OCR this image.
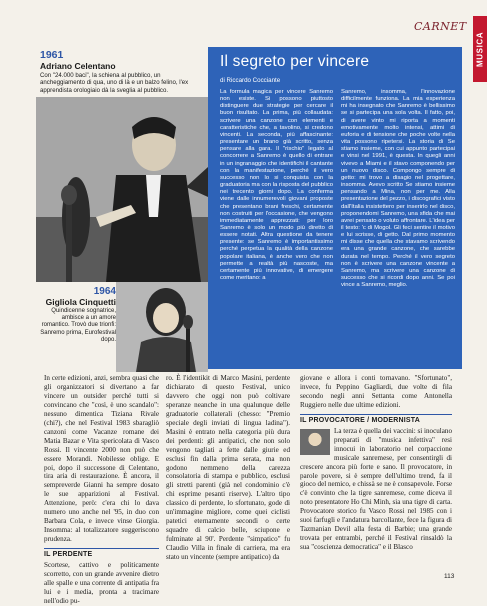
CARNET
MUSICA
1961
Adriano Celentano
Con "24.000 baci", la schiena al pubblico, un ancheggiamento di qua, uno di là e un balzo felino, l'ex apprendista orologiaio dà la sveglia al pubblico.
1964
Gigliola Cinquetti
Quindicenne sognatrice, ambisce a un amore romantico. Trovò due trionfi: Sanremo prima, Eurofestival dopo.
Il segreto per vincere
di Riccardo Cocciante
La formula magica per vincere Sanremo non esiste. Si possono piuttosto distinguere due strategie per cercare il buon risultato. La prima, più collaudata: scrivere una canzone con elementi e caratteristiche che, a tavolino, si credono vincenti. La seconda, più affascinante: presentare un brano già scritto, senza pensare alla gara. Il "rischio" legato al concorrere a Sanremo è quello di entrare in un ingranaggio che identifichi il cantante con la manifestazione, perché il vero successo non lo si conquista con la graduatoria ma con la risposta del pubblico nei trecento giorni dopo. La conferma viene dalle innumerevoli giovani proposte che presentano brani freschi, certamente non costruiti per l'occasione, che vengono immediatamente apprezzati: per loro Sanremo è solo un modo più diretto di essere notati. Altra questione da tenere presente: se Sanremo è importantissimo perché perpetua la qualità della canzone popolare italiana, è anche vero che non permette a realtà più nascoste, ma certamente più innovative, di emergere come meritano: a
Sanremo, insomma, l'innovazione difficilmente funziona. La mia esperienza mi ha insegnato che Sanremo è bellissimo se si partecipa una sola volta. Il fatto, poi, di avere vinto mi riporta a momenti emotivamente molto intensi, attimi di euforia e di tensione che poche volte nella vita possono ripetersi. La storia di Se stiamo insieme, con cui appunto partecipai e vinsi nel 1991, è questa. In quegli anni vivevo a Miami e il stavo componendo per un nuovo disco. Compongo sempre di getto: mi trovo a disagio nel progettare, insomma. Avevo scritto Se stiamo insieme pensando a Mina, non per me. Alla presentazione del pezzo, i discografici visto dall'Italia insistettero per inserirlo nel disco, proponendomi Sanremo, una sfida che mai avrei pensato o voluto affrontare. L'idea per il testo: 'c di Mogol. Gli feci sentire il motivo e lui scrisse, di getto. Dal primo momento mi disse che quella che stavamo scrivendo era una grande canzone, che sarebbe durata nel tempo. Perché il vero segreto non è scrivere una canzone vincente a Sanremo, ma scrivere una canzone di successo che si ricordi dopo anni. Se poi vince a Sanremo, meglio.
In certe edizioni, anzi, sembra quasi che gli organizzatori si divertano a far vincere un outsider perché tutti si convincano che "così, è uno scandalo": nessuno dimentica Tiziana Rivale (chi?), che nel Festival 1983 sbaragliò canzoni come Vacanze romane dei Matia Bazar e Vita spericolata di Vasco Rossi. Il vincente 2000 non può che essere Morandi. Nobilesse oblige. E poi, dopo il successone di Celentano, tira aria di restaurazione. È ancora, il sempreverde Gianni ha sempre dosato le sue apparizioni al Festival. Attenzione, però: c'era chi lo dava numero uno anche nel '95, in duo con Barbara Cola, e invece vinse Giorgia. Insomma: al totalizzatore suggeriscono prudenza.
IL PERDENTE
Scortese, cattivo e politicamente scorretto, con un grande avvenire dietro alle spalle e una corrente di antipatia fra lui e i media, pronta a tracimare nell'odio pu-
ro. È l'identikit di Marco Masini, perdente dichiarato di questo Festival, unico davvero che oggi non può coltivare speranze neanche in una qualunque delle graduatorie collaterali (chesso: "Premio speciale degli inviati di lingua ladina"). Masini è entrato nella categoria più dura dei perdenti: gli antipatici, che non solo vengono tagliati a fette dalle giurie ed esclusi fin dalla prima serata, ma non godono nemmeno della carezza consolatoria di stampa e pubblico, esclusi gli stretti parenti (già nel condominio c'è chi esprime pesanti riserve). L'altro tipo classico di perdente, lo sfortunato, gode di un'immagine migliore, come quei ciclisti patetici eternamente secondi o certe squadre di calcio belle, sciupone e fulminate al 90'. Perdente "simpatico" fu Claudio Villa in finale di carriera, ma era stato un vincente (sempre antipatico) da
giovane e allora i conti tornavano. "Sfortunato", invece, fu Peppino Gagliardi, due volte di fila secondo negli anni Settanta come Antonella Ruggiero nelle due ultime edizioni.
IL PROVOCATORE / MODERNISTA
La terza è quella dei vaccini: si inoculano preparati di "musica infettiva" resi innocui in laboratorio nel corpaccione musicale sanremese, per consentirgli di crescere ancora più forte e sano. Il provocatore, in parole povere, si è sempre dell'ultimo trend, fa il gioco del nemico, e chissà se ne è consapevole. Forse c'è convinto che la tigre sanremese, come diceva il noto presentatore Ho Chi Minh, sia una tigre di carta. Provocatore storico fu Vasco Rossi nel 1985 con i suoi farfugli e l'andatura barcollante, fece la figura di Tazmanian Devil alla festa di Barbie; una grande trovata per entrambi, perché il Festival rinsaldò la sua "coscienza democratica" e il Blasco
113
